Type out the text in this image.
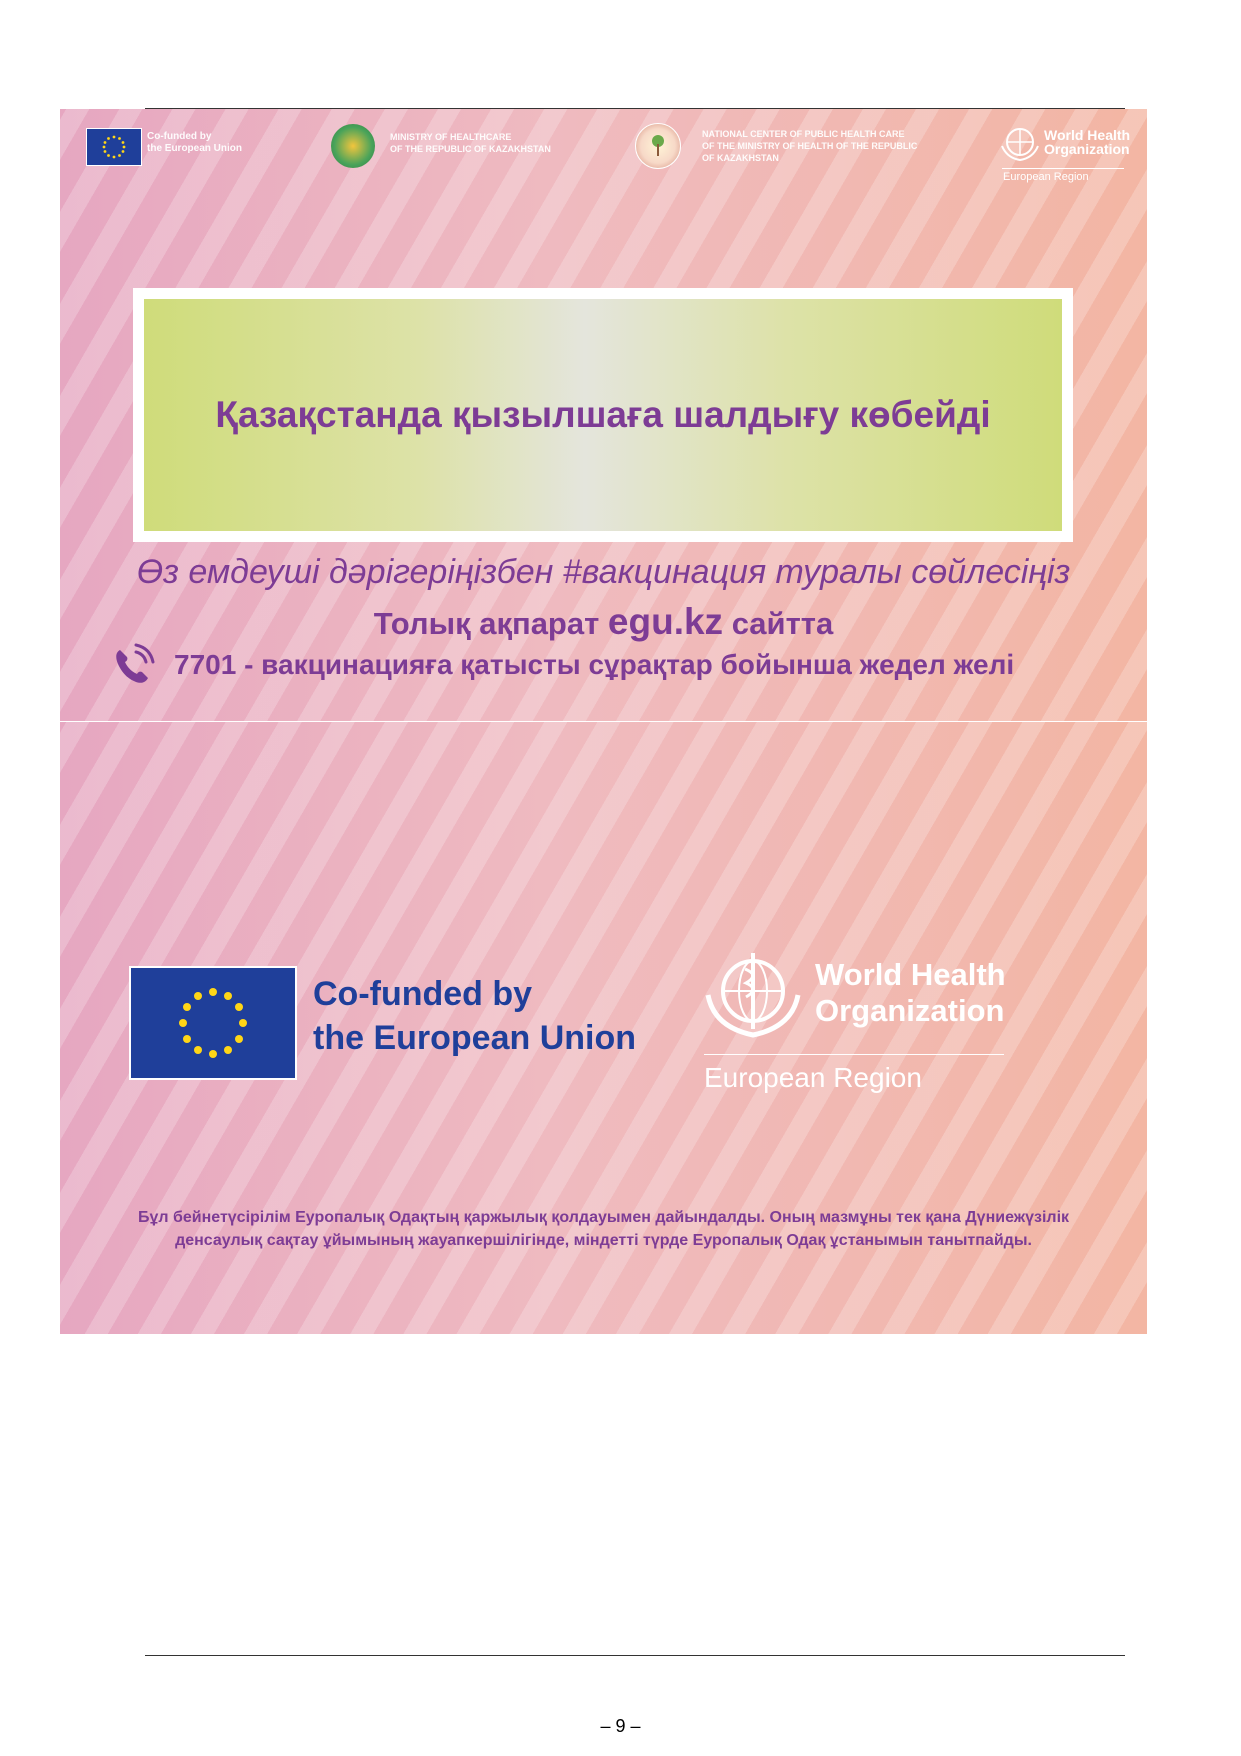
Co-funded by
the European Union
MINISTRY OF HEALTHCARE
OF THE REPUBLIC OF KAZAKHSTAN
NATIONAL CENTER OF PUBLIC HEALTH CARE
OF THE MINISTRY OF HEALTH OF THE REPUBLIC
OF KAZAKHSTAN
World Health
Organization
European Region
Қазақстанда қызылшаға шалдығу көбейді
Өз емдеуші дәрігеріңізбен #вакцинация туралы сөйлесіңіз
Толық ақпарат egu.kz сайтта
7701 - вакцинацияға қатысты сұрақтар бойынша жедел желі
Co-funded by
the European Union
World Health
Organization
European Region
Бұл бейнетүсірілім Еуропалық Одақтың қаржылық қолдауымен дайындалды. Оның мазмұны тек қана Дүниежүзілік
денсаулық сақтау ұйымының жауапкершілігінде, міндетті түрде Еуропалық Одақ ұстанымын танытпайды.
– 9 –
